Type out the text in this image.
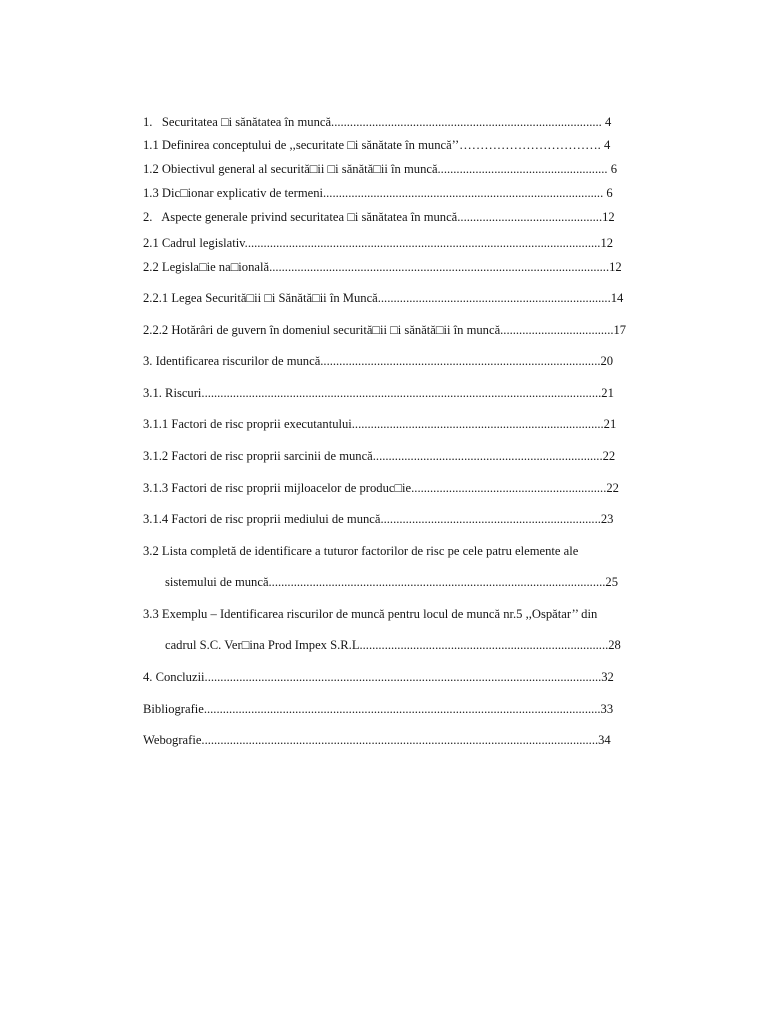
1.   Securitatea □i sănătatea în muncă...................................................................................... 4
1.1 Definirea conceptului de ,,securitate □i sănătate în muncă’’……………………………. 4
1.2 Obiectivul general al securită□ii □i sănătă□ii în muncă...................................................... 6
1.3 Dic□ionar explicativ de termeni......................................................................................... 6
2.   Aspecte generale privind securitatea □i sănătatea în muncă..............................................12
2.1 Cadrul legislativ.................................................................................................................12
2.2 Legisla□ie na□ională............................................................................................................12
2.2.1 Legea Securită□ii □i Sănătă□ii în Muncă..........................................................................14
2.2.2 Hotărâri de guvern în domeniul securită□ii □i sănătă□ii în muncă....................................17
3. Identificarea riscurilor de muncă.........................................................................................20
3.1. Riscuri...............................................................................................................................21
3.1.1 Factori de risc proprii executantului................................................................................21
3.1.2 Factori de risc proprii sarcinii de muncă.........................................................................22
3.1.3 Factori de risc proprii mijloacelor de produc□ie..............................................................22
3.1.4 Factori de risc proprii mediului de muncă......................................................................23
3.2 Lista completă de identificare a tuturor factorilor de risc pe cele patru elemente ale
sistemului de muncă...........................................................................................................25
3.3 Exemplu – Identificarea riscurilor de muncă pentru locul de muncă nr.5 ,,Ospătar’’ din
cadrul S.C. Ver□ina Prod Impex S.R.L...............................................................................28
4. Concluzii..............................................................................................................................32
Bibliografie..............................................................................................................................33
Webografie..............................................................................................................................34
